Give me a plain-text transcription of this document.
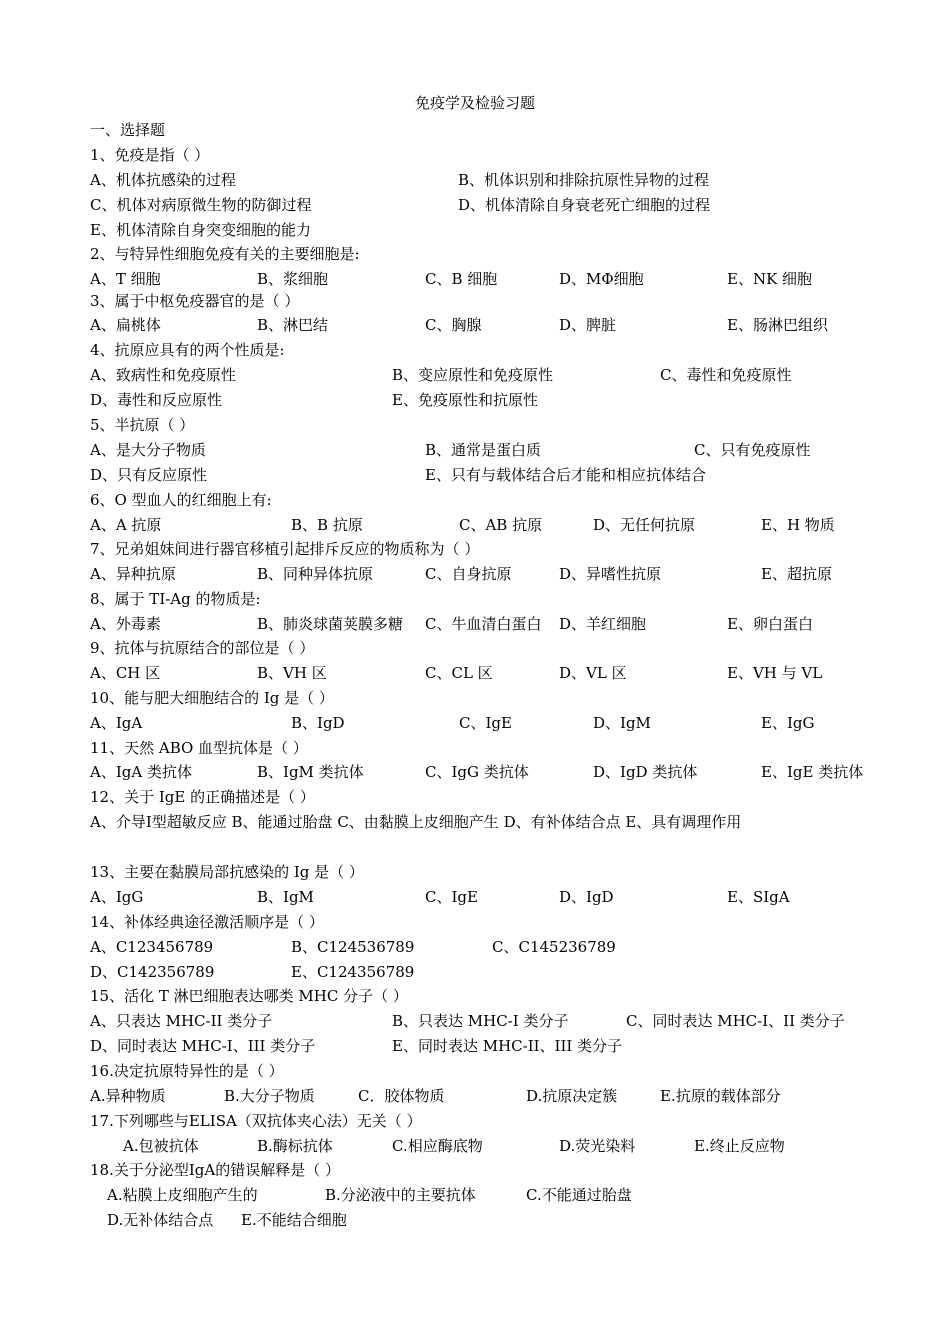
免疫学及检验习题
一、选择题
1、免疫是指（ ）
A、机体抗感染的过程	B、机体识别和排除抗原性异物的过程
C、机体对病原微生物的防御过程	D、机体清除自身衰老死亡细胞的过程
E、机体清除自身突变细胞的能力
2、与特异性细胞免疫有关的主要细胞是:
A、T 细胞	B、浆细胞	C、B 细胞	D、MΦ细胞	E、NK 细胞
3、属于中枢免疫器官的是（ ）
A、扁桃体	B、淋巴结	C、胸腺	D、脾脏	E、肠淋巴组织
4、抗原应具有的两个性质是:
A、致病性和免疫原性	B、变应原性和免疫原性	C、毒性和免疫原性
D、毒性和反应原性	E、免疫原性和抗原性
5、半抗原（ ）
A、是大分子物质	B、通常是蛋白质	C、只有免疫原性
D、只有反应原性	E、只有与载体结合后才能和相应抗体结合
6、O 型血人的红细胞上有:
A、A 抗原	B、B 抗原	C、AB 抗原	D、无任何抗原	E、H 物质
7、兄弟姐妹间进行器官移植引起排斥反应的物质称为（ ）
A、异种抗原	B、同种异体抗原	C、自身抗原	D、异嗜性抗原	E、超抗原
8、属于 TI-Ag 的物质是:
A、外毒素	B、肺炎球菌荚膜多糖 C、牛血清白蛋白 D、羊红细胞	E、卵白蛋白
9、抗体与抗原结合的部位是（ ）
A、CH 区	B、VH 区	C、CL 区	D、VL 区	E、VH 与 VL
10、能与肥大细胞结合的 Ig 是（ ）
A、IgA	B、IgD	C、IgE	D、IgM	E、IgG
11、天然 ABO 血型抗体是（ ）
A、IgA 类抗体	B、IgM 类抗体	C、IgG 类抗体	D、IgD 类抗体	E、IgE 类抗体
12、关于 IgE 的正确描述是（ ）
A、介导Ⅰ型超敏反应 B、能通过胎盘 C、由黏膜上皮细胞产生 D、有补体结合点 E、具有调理作用
13、主要在黏膜局部抗感染的 Ig 是（ ）
A、IgG	B、IgM	C、IgE	D、IgD	E、SIgA
14、补体经典途径激活顺序是（ ）
A、C123456789	B、C124536789	C、C145236789
D、C142356789	E、C124356789
15、活化 T 淋巴细胞表达哪类 MHC 分子（ ）
A、只表达 MHC-II 类分子	B、只表达 MHC-I 类分子	C、同时表达 MHC-I、II 类分子
D、同时表达 MHC-I、III 类分子	E、同时表达 MHC-II、III 类分子
16.决定抗原特异性的是（ ）
A.异种物质	B.大分子物质	C．胶体物质	D.抗原决定簇	E.抗原的载体部分
17.下列哪些与ELISA（双抗体夹心法）无关（ ）
A.包被抗体	B.酶标抗体	C.相应酶底物	D.荧光染料	E.终止反应物
18.关于分泌型IgA的错误解释是（ ）
A.粘膜上皮细胞产生的	B.分泌液中的主要抗体	C.不能通过胎盘
D.无补体结合点 E.不能结合细胞
